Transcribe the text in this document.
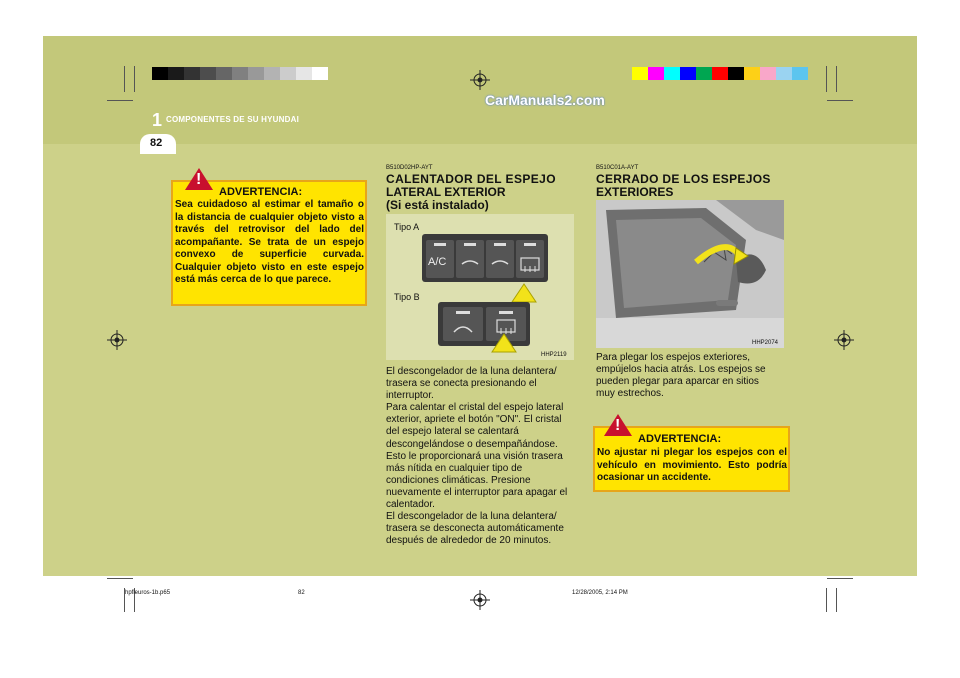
1 COMPONENTES DE SU HYUNDAI
CarManuals2.com
82
!
ADVERTENCIA:
Sea cuidadoso al estimar el tamaño o la distancia de cualquier objeto visto a través del retrovisor del lado del acompañante. Se trata de un espejo convexo de superficie curvada. Cualquier objeto visto en este espejo está más cerca de lo que parece.
B510D02HP-AYT
CALENTADOR DEL ESPEJO
LATERAL EXTERIOR
(Si está instalado)
Tipo A
Tipo B
A/C
HHP2119
El descongelador de la luna delantera/
trasera se conecta presionando el
interruptor.
Para calentar el cristal del espejo lateral
exterior, apriete el botón "ON". El cristal
del espejo lateral se calentará
descongelándose o desempañándose.
Esto le proporcionará una visión trasera
más nítida en cualquier tipo de
condiciones climáticas. Presione
nuevamente el interruptor para apagar el
calentador.
El descongelador de la luna delantera/
trasera se desconecta automáticamente
después de alrededor de 20 minutos.
B510C01A-AYT
CERRADO DE LOS ESPEJOS
EXTERIORES
HHP2074
Para plegar los espejos exteriores,
empújelos hacia atrás. Los espejos se
pueden plegar para aparcar en sitios
muy estrechos.
!
ADVERTENCIA:
No ajustar ni plegar los espejos con el vehículo en movimiento. Esto podría ocasionar un accidente.
hpfleuros-1b.p65	82	12/28/2005, 2:14 PM
